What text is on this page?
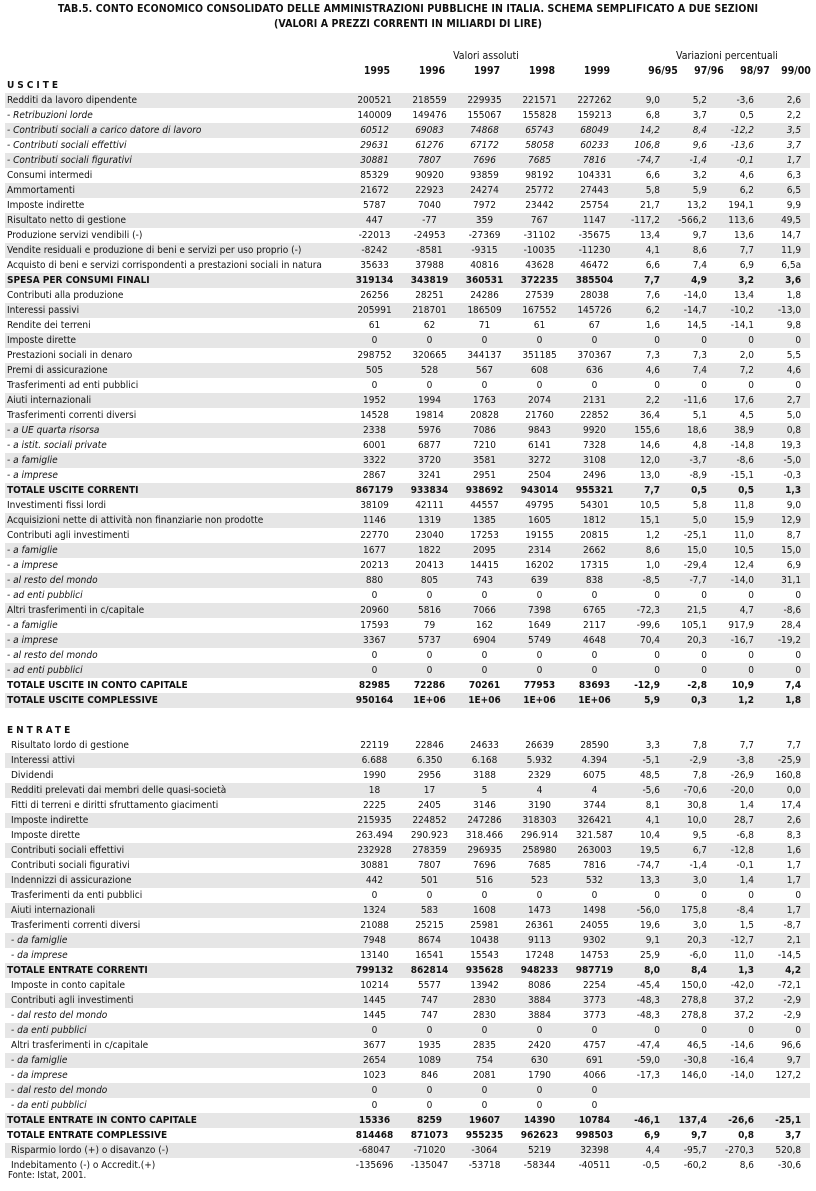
TAB.5. CONTO ECONOMICO CONSOLIDATO DELLE AMMINISTRAZIONI PUBBLICHE IN ITALIA. SCHEMA SEMPLIFICATO A DUE SEZIONI
(VALORI A PREZZI CORRENTI IN MILIARDI DI LIRE)
Valori assoluti	Variazioni percentuali
1995	1996	1997	1998	1999	96/95	97/96	98/97	99/00
USCITE									
Redditi da lavoro dipendente	200521	218559	229935	221571	227262	9,0	5,2	-3,6	2,6
- Retribuzioni lorde	140009	149476	155067	155828	159213	6,8	3,7	0,5	2,2
- Contributi sociali a carico datore di lavoro	60512	69083	74868	65743	68049	14,2	8,4	-12,2	3,5
- Contributi sociali effettivi	29631	61276	67172	58058	60233	106,8	9,6	-13,6	3,7
- Contributi sociali figurativi	30881	7807	7696	7685	7816	-74,7	-1,4	-0,1	1,7
Consumi intermedi	85329	90920	93859	98192	104331	6,6	3,2	4,6	6,3
Ammortamenti	21672	22923	24274	25772	27443	5,8	5,9	6,2	6,5
Imposte indirette	5787	7040	7972	23442	25754	21,7	13,2	194,1	9,9
Risultato netto di gestione	447	-77	359	767	1147	-117,2	-566,2	113,6	49,5
Produzione servizi vendibili (-)	-22013	-24953	-27369	-31102	-35675	13,4	9,7	13,6	14,7
Vendite residuali e produzione di beni e servizi per uso proprio (-)	-8242	-8581	-9315	-10035	-11230	4,1	8,6	7,7	11,9
Acquisto di beni e servizi corrispondenti a prestazioni sociali in natura	35633	37988	40816	43628	46472	6,6	7,4	6,9	6,5a
SPESA PER CONSUMI FINALI	319134	343819	360531	372235	385504	7,7	4,9	3,2	3,6
Contributi alla produzione	26256	28251	24286	27539	28038	7,6	-14,0	13,4	1,8
Interessi passivi	205991	218701	186509	167552	145726	6,2	-14,7	-10,2	-13,0
Rendite dei terreni	61	62	71	61	67	1,6	14,5	-14,1	9,8
Imposte dirette	0	0	0	0	0	0	0	0	0
Prestazioni sociali in denaro	298752	320665	344137	351185	370367	7,3	7,3	2,0	5,5
Premi di assicurazione	505	528	567	608	636	4,6	7,4	7,2	4,6
Trasferimenti ad enti pubblici	0	0	0	0	0	0	0	0	0
Aiuti internazionali	1952	1994	1763	2074	2131	2,2	-11,6	17,6	2,7
Trasferimenti correnti diversi	14528	19814	20828	21760	22852	36,4	5,1	4,5	5,0
- a UE quarta risorsa	2338	5976	7086	9843	9920	155,6	18,6	38,9	0,8
- a istit. sociali private	6001	6877	7210	6141	7328	14,6	4,8	-14,8	19,3
- a famiglie	3322	3720	3581	3272	3108	12,0	-3,7	-8,6	-5,0
- a imprese	2867	3241	2951	2504	2496	13,0	-8,9	-15,1	-0,3
TOTALE USCITE CORRENTI	867179	933834	938692	943014	955321	7,7	0,5	0,5	1,3
Investimenti fissi lordi	38109	42111	44557	49795	54301	10,5	5,8	11,8	9,0
Acquisizioni nette di attività non finanziarie non prodotte	1146	1319	1385	1605	1812	15,1	5,0	15,9	12,9
Contributi agli investimenti	22770	23040	17253	19155	20815	1,2	-25,1	11,0	8,7
- a famiglie	1677	1822	2095	2314	2662	8,6	15,0	10,5	15,0
- a imprese	20213	20413	14415	16202	17315	1,0	-29,4	12,4	6,9
- al resto del mondo	880	805	743	639	838	-8,5	-7,7	-14,0	31,1
- ad enti pubblici	0	0	0	0	0	0	0	0	0
Altri trasferimenti in c/capitale	20960	5816	7066	7398	6765	-72,3	21,5	4,7	-8,6
- a famiglie	17593	79	162	1649	2117	-99,6	105,1	917,9	28,4
- a imprese	3367	5737	6904	5749	4648	70,4	20,3	-16,7	-19,2
- al resto del mondo	0	0	0	0	0	0	0	0	0
- ad enti pubblici	0	0	0	0	0	0	0	0	0
TOTALE USCITE IN CONTO CAPITALE	82985	72286	70261	77953	83693	-12,9	-2,8	10,9	7,4
TOTALE USCITE COMPLESSIVE	950164	1E+06	1E+06	1E+06	1E+06	5,9	0,3	1,2	1,8

ENTRATE									
Risultato lordo di gestione	22119	22846	24633	26639	28590	3,3	7,8	7,7	7,7
Interessi attivi	6.688	6.350	6.168	5.932	4.394	-5,1	-2,9	-3,8	-25,9
Dividendi	1990	2956	3188	2329	6075	48,5	7,8	-26,9	160,8
Redditi prelevati dai membri delle quasi-società	18	17	5	4	4	-5,6	-70,6	-20,0	0,0
Fitti di terreni e diritti sfruttamento giacimenti	2225	2405	3146	3190	3744	8,1	30,8	1,4	17,4
Imposte indirette	215935	224852	247286	318303	326421	4,1	10,0	28,7	2,6
Imposte dirette	263.494	290.923	318.466	296.914	321.587	10,4	9,5	-6,8	8,3
Contributi sociali effettivi	232928	278359	296935	258980	263003	19,5	6,7	-12,8	1,6
Contributi sociali figurativi	30881	7807	7696	7685	7816	-74,7	-1,4	-0,1	1,7
Indennizzi di assicurazione	442	501	516	523	532	13,3	3,0	1,4	1,7
Trasferimenti da enti pubblici	0	0	0	0	0	0	0	0	0
Aiuti internazionali	1324	583	1608	1473	1498	-56,0	175,8	-8,4	1,7
Trasferimenti correnti diversi	21088	25215	25981	26361	24055	19,6	3,0	1,5	-8,7
- da famiglie	7948	8674	10438	9113	9302	9,1	20,3	-12,7	2,1
- da imprese	13140	16541	15543	17248	14753	25,9	-6,0	11,0	-14,5
TOTALE ENTRATE CORRENTI	799132	862814	935628	948233	987719	8,0	8,4	1,3	4,2
Imposte in conto capitale	10214	5577	13942	8086	2254	-45,4	150,0	-42,0	-72,1
Contributi agli investimenti	1445	747	2830	3884	3773	-48,3	278,8	37,2	-2,9
- dal resto del mondo	1445	747	2830	3884	3773	-48,3	278,8	37,2	-2,9
- da enti pubblici	0	0	0	0	0	0	0	0	0
Altri trasferimenti in c/capitale	3677	1935	2835	2420	4757	-47,4	46,5	-14,6	96,6
- da famiglie	2654	1089	754	630	691	-59,0	-30,8	-16,4	9,7
- da imprese	1023	846	2081	1790	4066	-17,3	146,0	-14,0	127,2
- dal resto del mondo	0	0	0	0	0				
- da enti pubblici	0	0	0	0	0				
TOTALE ENTRATE IN CONTO CAPITALE	15336	8259	19607	14390	10784	-46,1	137,4	-26,6	-25,1
TOTALE ENTRATE COMPLESSIVE	814468	871073	955235	962623	998503	6,9	9,7	0,8	3,7
Risparmio lordo (+) o disavanzo (-)	-68047	-71020	-3064	5219	32398	4,4	-95,7	-270,3	520,8
Indebitamento (-) o Accredit.(+)	-135696	-135047	-53718	-58344	-40511	-0,5	-60,2	8,6	-30,6
Fonte: Istat, 2001.
